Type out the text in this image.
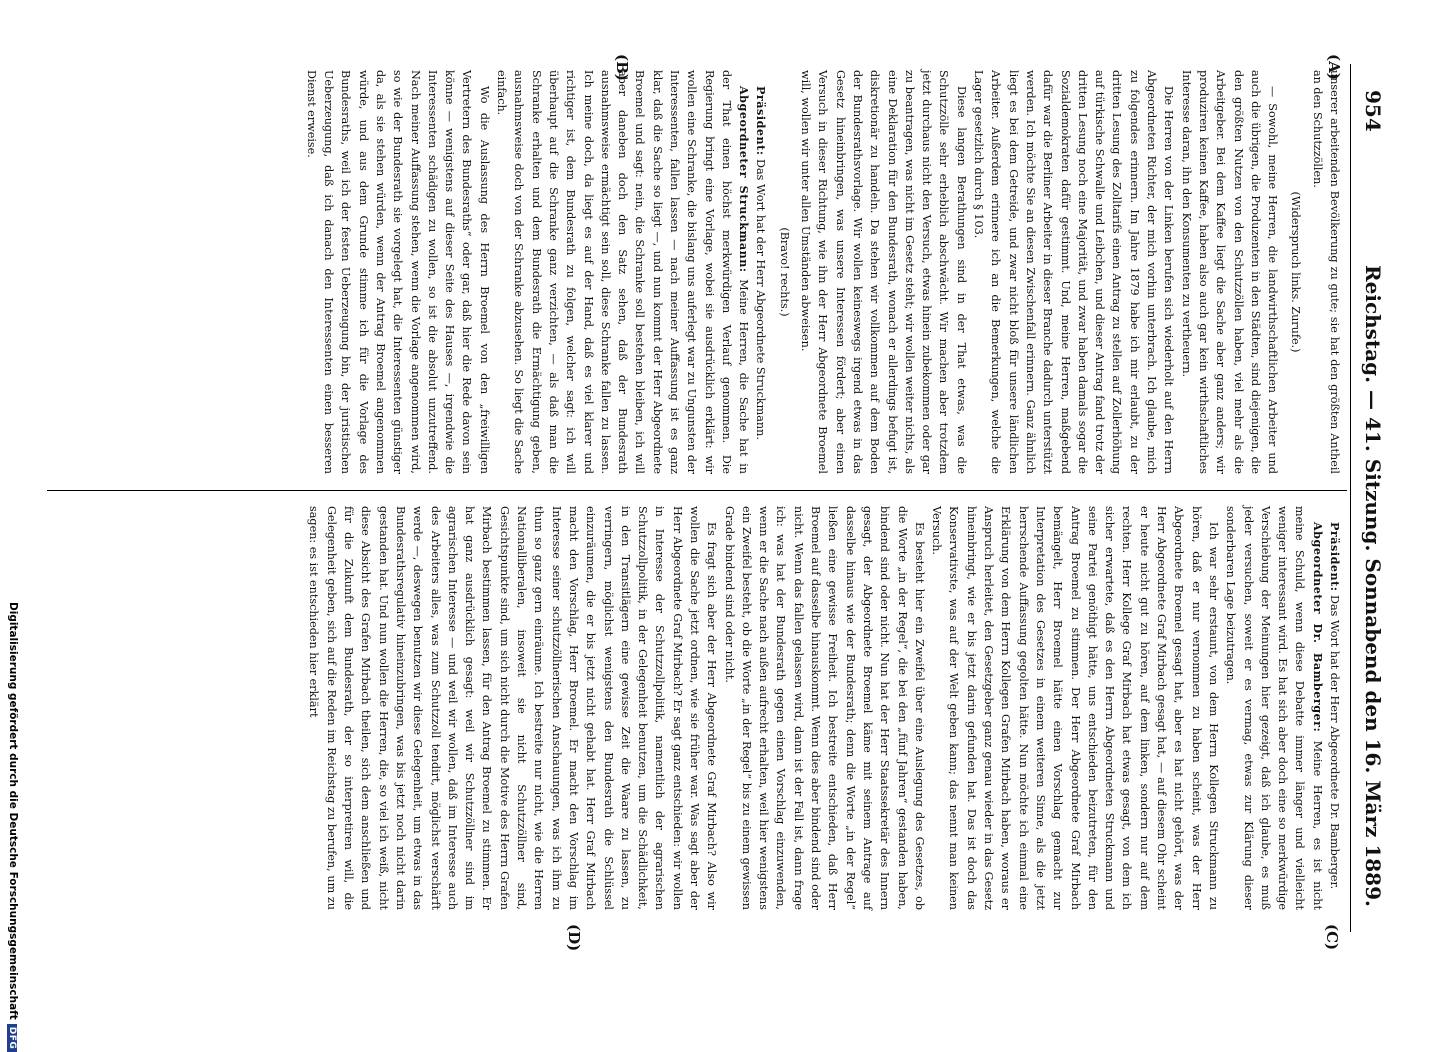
Digitalisierung gefördert durch die Deutsche ForschungsgemeinschaftDFG
954
Reichstag. — 41. Sitzung. Sonnabend den 16. März 1889.
(A)
(B)
(C)
(D)

unserer arbeitenden Bevölkerung zu gute; sie hat den größten Antheil an den Schutzzöllen.

(Widerspruch links. Zurufe.)

— Sowohl, meine Herren, die landwirthschaftlichen Arbeiter und auch die übrigen, die Produzenten in den Städten, sind diejenigen, die den größten Nutzen von den Schutzzöllen haben, viel mehr als die Arbeitgeber. Bei dem Kaffee liegt die Sache aber ganz anders; wir produziren keinen Kaffee, haben also auch gar kein wirthschaftliches Interesse daran, ihn den Konsumenten zu vertheuern.

Die Herren von der Linken berufen sich wiederholt auf den Herrn Abgeordneten Richter, der mich vorhin unterbrach. Ich glaube, mich zu folgendes erinnern. Im Jahre 1879 habe ich mir erlaubt, zu der dritten Lesung des Zolltarifs einen Antrag zu stellen auf Zollerhöhung auf türkische Schwalle und Leibchen, und dieser Antrag fand trotz der dritten Lesung noch eine Majorität, und zwar haben damals sogar die Sozialdemokraten dafür gestimmt. Und, meine Herren, maßgebend dafür war die Berliner Arbeiter in dieser Branche dadurch unterstützt werden. Ich möchte Sie an diesen Zwischenfall erinnern. Ganz ähnlich liegt es bei dem Getreide, und zwar nicht bloß für unsere ländlichen Arbeiter. Außerdem erinnere ich an die Bemerkungen, welche die Lager gesetzlich durch § 103.

Diese langen Berathungen sind in der That etwas, was die Schutzzölle sehr erheblich abschwächt. Wir machen aber trotzdem jetzt durchaus nicht den Versuch, etwas hinein zubekommen oder gar zu beantragen, was nicht im Gesetz steht; wir wollen weiter nichts, als eine Deklaration für den Bundesrath, wonach er allerdings befugt ist, diskretionär zu handeln. Da stehen wir vollkommen auf dem Boden der Bundesrathsvorlage. Wir wollen keineswegs irgend etwas in das Gesetz hineinbringen, was unsere Interessen fördert; aber einen Versuch in dieser Richtung, wie ihn der Herr Abgeordnete Broemel will, wollen wir unter allen Umständen abweisen.

(Bravo! rechts.)

Präsident: Das Wort hat der Herr Abgeordnete Struckmann.

Abgeordneter Struckmann: Meine Herren, die Sache hat in der That einen höchst merkwürdigen Verlauf genommen. Die Regierung bringt eine Vorlage, wobei sie ausdrücklich erklärt: wir wollen eine Schranke, die bislang uns auferlegt war zu Ungunsten der Interessenten, fallen lassen — nach meiner Auffassung ist es ganz klar, daß die Sache so liegt —, und nun kommt der Herr Abgeordnete Broemel und sagt: nein, die Schranke soll bestehen bleiben, ich will aber daneben doch den Satz sehen, daß der Bundesrath ausnahmsweise ermächtigt sein soll, diese Schranke fallen zu lassen. Ich meine doch, da liegt es auf der Hand, daß es viel klarer und richtiger ist, dem Bundesrath zu folgen, welcher sagt: ich will überhaupt auf die Schranke ganz verzichten, — als daß man die Schranke erhalten und dem Bundesrath die Ermächtigung geben, ausnahmsweise doch von der Schranke abzusehen. So liegt die Sache einfach.

Wo die Auslassung des Herrn Broemel von den „freiwilligen Vertretern des Bundesraths“ oder gar, daß hier die Rede davon sein könne — wenigstens auf dieser Seite des Hauses —, irgendwie die Interessenten schädigen zu wollen, so ist die absolut unzutreffend. Nach meiner Auffassung stehen, wenn die Vorlage angenommen wird, so wie der Bundesrath sie vorgelegt hat, die Interessenten günstiger da, als sie stehen würden, wenn der Antrag Broemel angenommen würde, und aus dem Grunde stimme ich für die Vorlage des Bundesraths, weil ich der festen Ueberzeugung bin, der juristischen Ueberzeugung, daß ich danach den Interessenten einen besseren Dienst erweise.

Präsident: Das Wort hat der Herr Abgeordnete Dr. Bamberger.

Abgeordneter Dr. Bamberger: Meine Herren, es ist nicht meine Schuld, wenn diese Debatte immer länger und vielleicht weniger interessant wird. Es hat sich aber doch eine so merkwürdige Verschiebung der Meinungen hier gezeigt, daß ich glaube, es muß jeder versuchen, soweit er es vermag, etwas zur Klärung dieser sonderbaren Lage beizutragen.

Ich war sehr erstaunt, von dem Herrn Kollegen Struckmann zu hören, daß er nur vernommen zu haben scheint, was der Herr Abgeordnete Broemel gesagt hat, aber es hat nicht gehört, was der Herr Abgeordnete Graf Mirbach gesagt hat, — auf diesem Ohr scheint er heute nicht gut zu hören, auf dem linken, sondern nur auf dem rechten. Herr Kollege Graf Mirbach hat etwas gesagt, von dem ich sicher erwartete, daß es den Herrn Abgeordneten Struckmann und seine Partei genöthigt hätte, uns entschieden beizutreten, für den Antrag Broemel zu stimmen. Der Herr Abgeordnete Graf Mirbach bemängelt, Herr Broemel hätte einen Vorschlag gemacht zur Interpretation des Gesetzes in einem weiteren Sinne, als die jetzt herrschende Auffassung gegolten hätte. Nun möchte ich einmal eine Erklärung von dem Herrn Kollegen Grafen Mirbach haben, woraus er Anspruch herleitet, den Gesetzgeber ganz genau wieder in das Gesetz hineinbringt, wie er bis jetzt darin gefunden hat. Das ist doch das Konservativste, was auf der Welt geben kann; das nennt man keinen Versuch.

Es besteht hier ein Zweifel über eine Auslegung des Gesetzes, ob die Worte „in der Regel“, die bei den „fünf Jahren“ gestanden haben, bindend sind oder nicht. Nun hat der Herr Staatssekretär des Innern gesagt, der Abgeordnete Broemel käme mit seinem Antrage auf dasselbe hinaus wie der Bundesrath; denn die Worte „in der Regel“ ließen eine gewisse Freiheit. Ich bestreite entschieden, daß Herr Broemel auf dasselbe hinauskommt. Wenn dies aber bindend sind oder nicht. Wenn das fallen gelassen wird, dann ist der Fall ist, dann frage ich: was hat der Bundesrath gegen einen Vorschlag einzuwenden, wenn er die Sache nach außen aufrecht erhalten, weil hier wenigstens ein Zweifel besteht, ob die Worte „in der Regel“ bis zu einem gewissen Grade bindend sind oder nicht.

Es fragt sich aber der Herr Abgeordnete Graf Mirbach? Also wir wollen die Sache jetzt ordnen, wie sie früher war. Was sagt aber der Herr Abgeordnete Graf Mirbach? Er sagt ganz entschieden: wir wollen in Interesse der Schutzzollpolitik, namentlich der agrarischen Schutzzollpolitik, in der Gelegenheit benutzen, um die Schädlichkeit, in den Transitlägern eine gewisse Zeit die Waare zu lassen, zu verringern, möglichst wenigstens den Bundesrath die Schlüssel einzuräumen, die er bis jetzt nicht gehabt hat. Herr Graf Mirbach macht den Vorschlag, Herr Broemel. Er macht den Vorschlag im Interesse seiner schutzzöllnerischen Anschauungen, was ich ihm zu thun so ganz gern einräume. Ich bestreite nur nicht, wie die Herren Nationalliberalen, insoweit sie nicht Schutzzöllner sind, Gesichtspunkte sind, um sich nicht durch die Motive des Herrn Grafen Mirbach bestimmen lassen, für den Antrag Broemel zu stimmen. Er hat ganz ausdrücklich gesagt: weil wir Schutzzöllner sind im agrarischen Interesse — und weil wir wollen, daß im Interesse auch des Arbeiters alles, was zum Schutzzoll tendirt, möglichst verschärft werde —, deswegen benutzen wir diese Gelegenheit, um etwas in das Bundesrathsregulativ hineinzubringen, was bis jetzt noch nicht darin gestanden hat. Und nun wollen die Herren, die, so viel ich weiß, nicht diese Absicht des Grafen Mirbach theilen, sich dem anschließen und für die Zukunft dem Bundesrath, der so interpretiren will, die Gelegenheit geben, sich auf die Reden im Reichstag zu berufen, um zu sagen: es ist entschieden hier erklärt
